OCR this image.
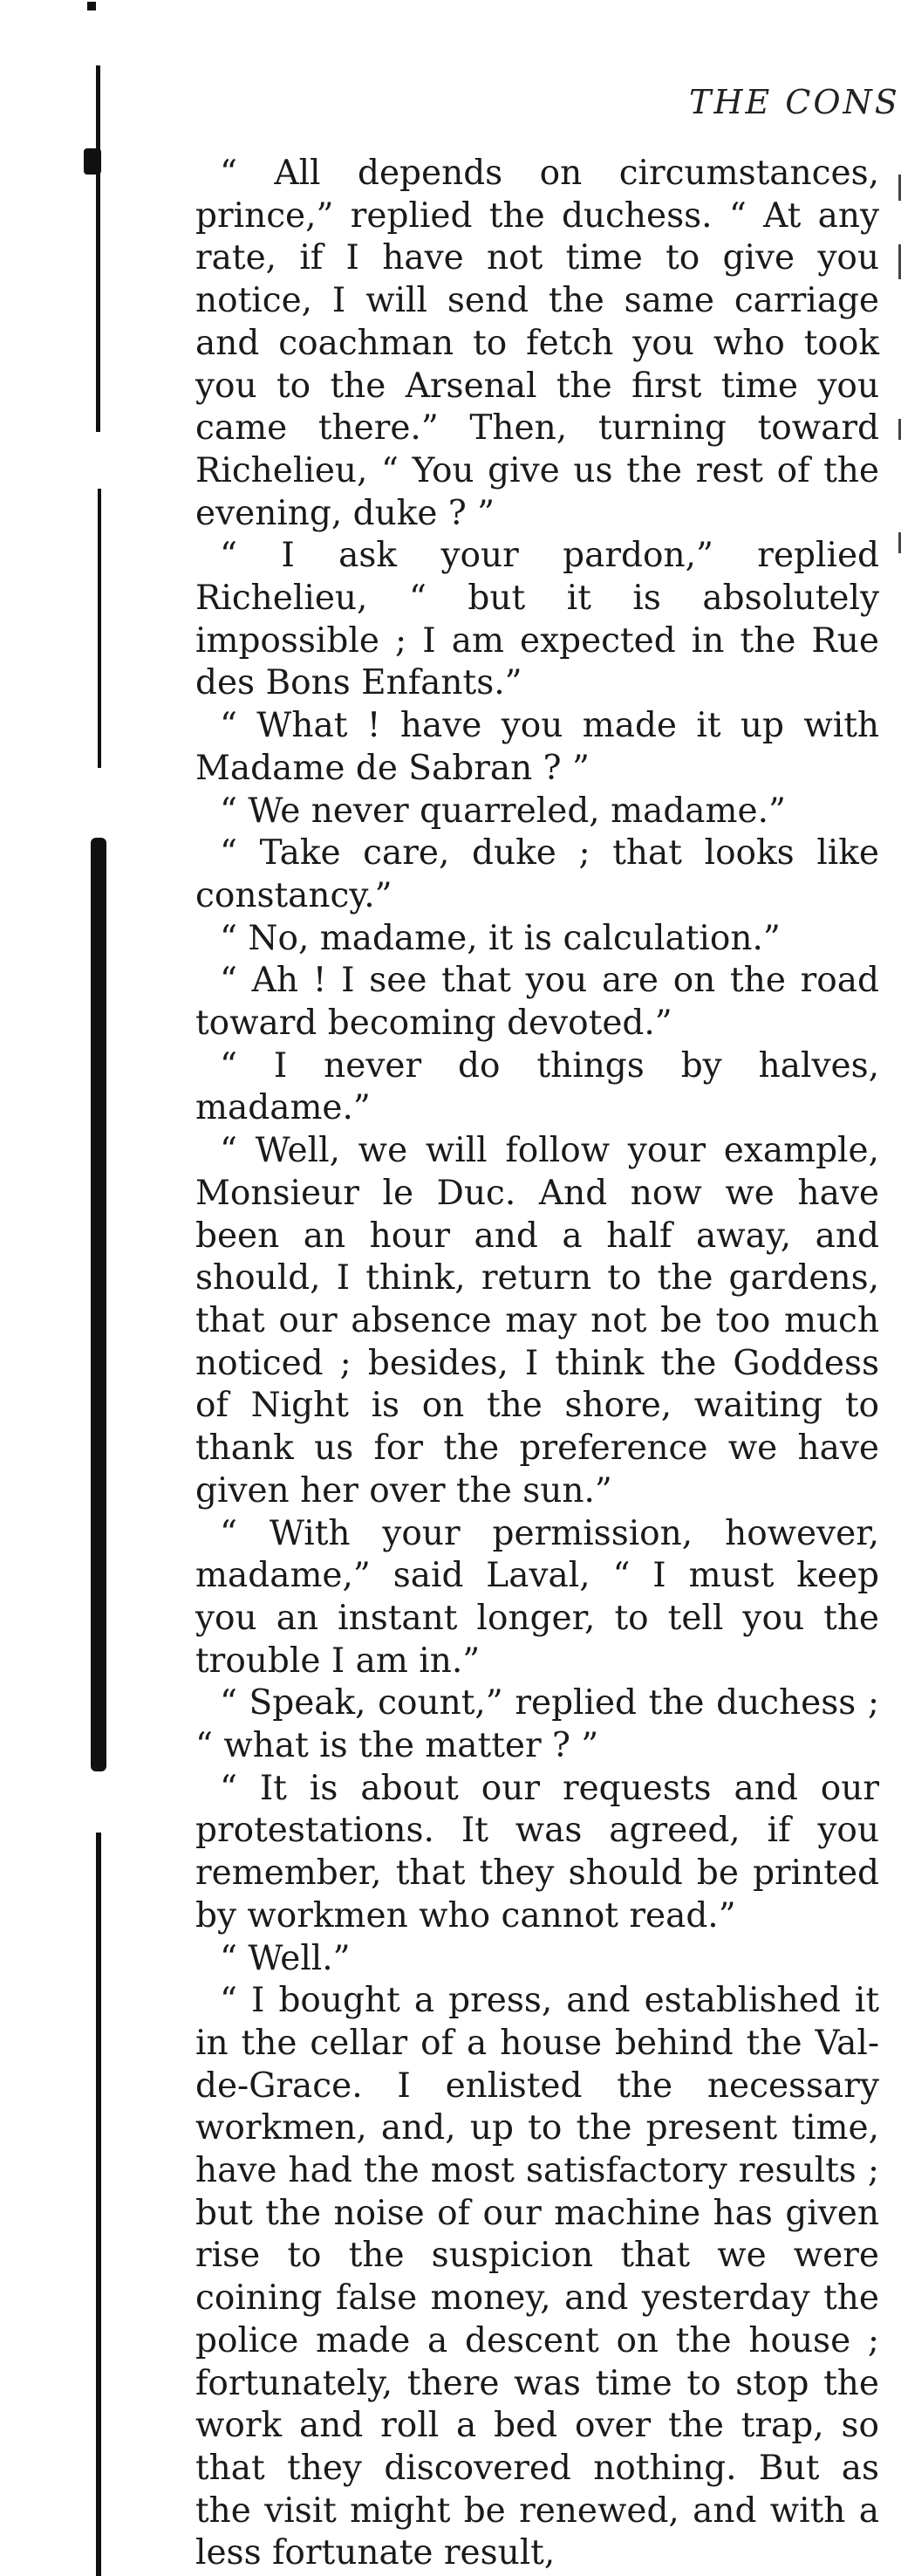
THE CONS

“ All depends on circumstances, prince,” replied the duchess. “ At any rate, if I have not time to give you notice, I will send the same carriage and coachman to fetch you who took you to the Arsenal the first time you came there.” Then, turning toward Richelieu, “ You give us the rest of the evening, duke ? ”

“ I ask your pardon,” replied Richelieu, “ but it is absolutely impossible ; I am expected in the Rue des Bons Enfants.”

“ What ! have you made it up with Madame de Sabran ? ”

“ We never quarreled, madame.”

“ Take care, duke ; that looks like constancy.”

“ No, madame, it is calculation.”

“ Ah ! I see that you are on the road toward becoming devoted.”

“ I never do things by halves, madame.”

“ Well, we will follow your example, Monsieur le Duc. And now we have been an hour and a half away, and should, I think, return to the gardens, that our absence may not be too much noticed ; besides, I think the Goddess of Night is on the shore, waiting to thank us for the preference we have given her over the sun.”

“ With your permission, however, madame,” said Laval, “ I must keep you an instant longer, to tell you the trouble I am in.”

“ Speak, count,” replied the duchess ; “ what is the matter ? ”

“ It is about our requests and our protestations. It was agreed, if you remember, that they should be printed by workmen who cannot read.”

“ Well.”

“ I bought a press, and established it in the cellar of a house behind the Val-de-Grace. I enlisted the necessary workmen, and, up to the present time, have had the most satisfactory results ; but the noise of our machine has given rise to the suspicion that we were coining false money, and yesterday the police made a descent on the house ; fortunately, there was time to stop the work and roll a bed over the trap, so that they discovered nothing. But as the visit might be renewed, and with a less fortunate result,
